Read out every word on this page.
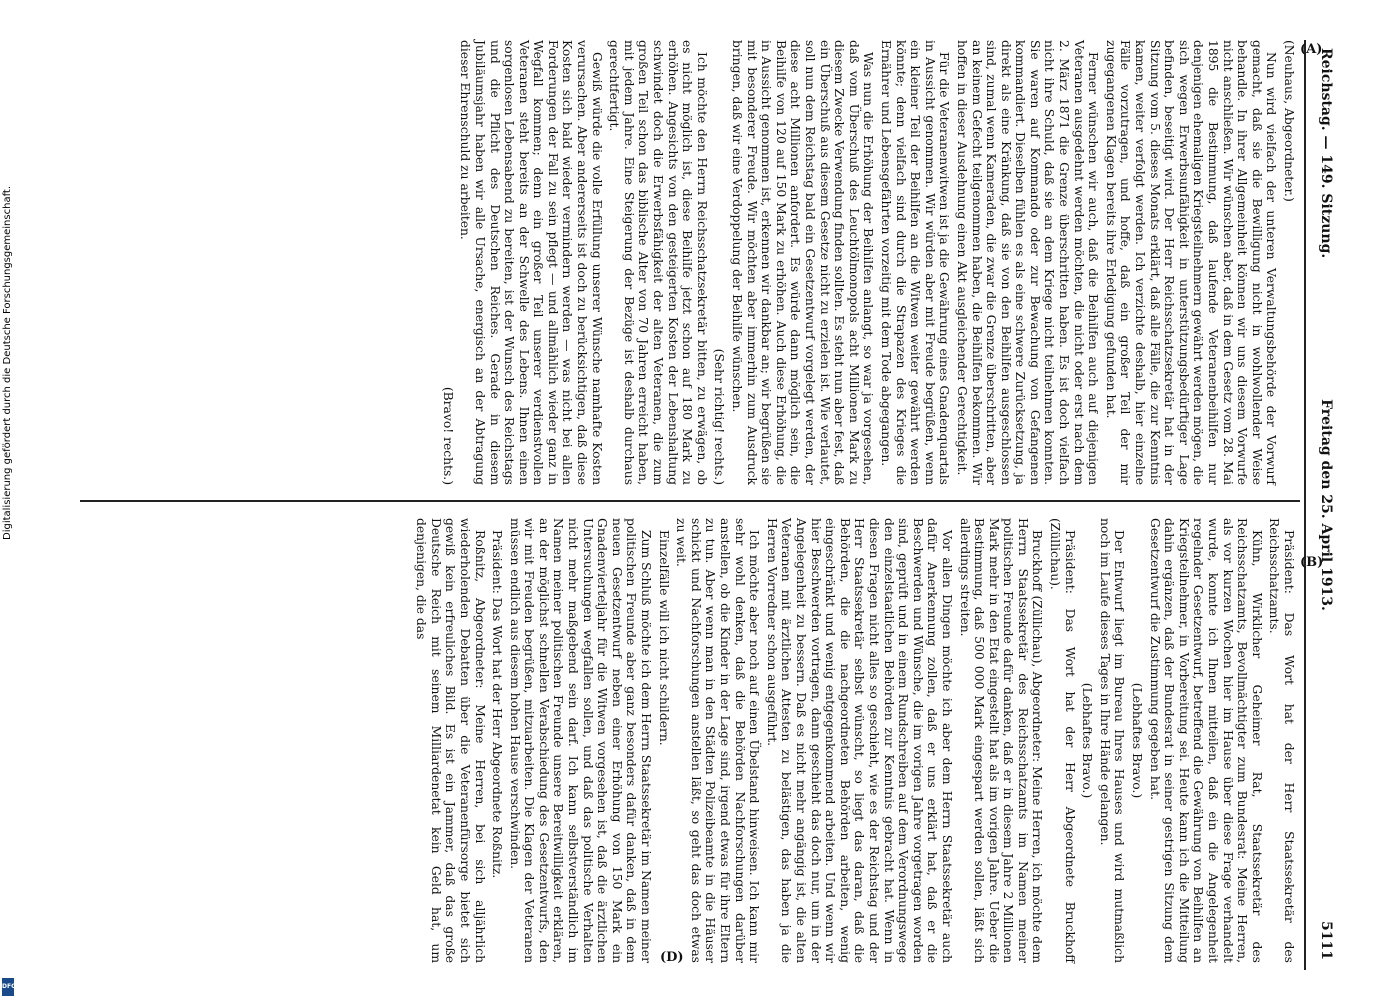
Reichstag. — 149. Sitzung.
Freitag den 25. April 1913.
5111

(Neuhaus, Abgeordneter.)

Nun wird vielfach der unteren Verwaltungsbehörde der Vorwurf gemacht, daß sie die Bewilligung nicht in wohlwollender Weise behandle. In ihrer Allgemeinheit können wir uns diesem Vorwurfe nicht anschließen. Wir wünschen aber, daß in dem Gesetz vom 28. Mai 1895 die Bestimmung, daß laufende Veteranenbeihilfen nur denjenigen ehemaligen Kriegsteilnehmern gewährt werden mögen, die sich wegen Erwerbsunfähigkeit in unterstützungsbedürftiger Lage befinden, beseitigt wird. Der Herr Reichsschatzsekretär hat in der Sitzung vom 5. dieses Monats erklärt, daß alle Fälle, die zur Kenntnis kamen, weiter verfolgt werden. Ich verzichte deshalb, hier einzelne Fälle vorzutragen, und hoffe, daß ein großer Teil der mir zugegangenen Klagen bereits ihre Erledigung gefunden hat.

Ferner wünschen wir auch, daß die Beihilfen auch auf diejenigen Veteranen ausgedehnt werden möchten, die nicht oder erst nach dem 2. März 1871 die Grenze überschritten haben. Es ist doch vielfach nicht ihre Schuld, daß sie an dem Kriege nicht teilnehmen konnten. Sie waren auf Kommando oder zur Bewachung von Gefangenen kommandiert. Dieselben fühlen es als eine schwere Zurücksetzung, ja direkt als eine Kränkung, daß sie von den Beihilfen ausgeschlossen sind, zumal wenn Kameraden, die zwar die Grenze überschritten, aber an keinem Gefecht teilgenommen haben, die Beihilfen bekommen. Wir hoffen in dieser Ausdehnung einen Akt ausgleichender Gerechtigkeit.

Für die Veteranenwitwen ist ja die Gewährung eines Gnadenquartals in Aussicht genommen. Wir würden aber mit Freude begrüßen, wenn ein kleiner Teil der Beihilfen an die Witwen weiter gewährt werden könnte; denn vielfach sind durch die Strapazen des Krieges die Ernährer und Lebensgefährten vorzeitig mit dem Tode abgegangen.

Was nun die Erhöhung der Beihilfen anlangt, so war ja vorgesehen, daß vom Überschuß des Leuchtölmonopols acht Millionen Mark zu diesem Zwecke Verwendung finden sollten. Es steht nun aber fest, daß ein Überschuß aus diesem Gesetze nicht zu erzielen ist. Wie verlautet, soll nun dem Reichstag bald ein Gesetzentwurf vorgelegt werden, der diese acht Millionen anfordert. Es würde dann möglich sein, die Beihilfe von 120 auf 150 Mark zu erhöhen. Auch diese Erhöhung, die in Aussicht genommen ist, erkennen wir dankbar an; wir begrüßen sie mit besonderer Freude. Wir möchten aber immerhin zum Ausdruck bringen, daß wir eine Verdoppelung der Beihilfe wünschen.

(Sehr richtig! rechts.)

Ich möchte den Herrn Reichsschatzsekretär bitten, zu erwägen, ob es nicht möglich ist, diese Beihilfe jetzt schon auf 180 Mark zu erhöhen. Angesichts von den gesteigerten Kosten der Lebenshaltung schwindet doch die Erwerbsfähigkeit der alten Veteranen, die zum großen Teil schon das biblische Alter von 70 Jahren erreicht haben, mit jedem Jahre. Eine Steigerung der Bezüge ist deshalb durchaus gerechtfertigt.

Gewiß würde die volle Erfüllung unserer Wünsche namhafte Kosten verursachen. Aber andererseits ist doch zu berücksichtigen, daß diese Kosten sich bald wieder vermindern werden — was nicht bei allen Forderungen der Fall zu sein pflegt — und allmählich wieder ganz in Wegfall kommen; denn ein großer Teil unserer verdienstvollen Veteranen steht bereits an der Schwelle des Lebens. Ihnen einen sorgenlosen Lebensabend zu bereiten, ist der Wunsch des Reichstags und die Pflicht des Deutschen Reiches. Gerade in diesem Jubiläumsjahr haben wir alle Ursache, energisch an der Abtragung dieser Ehrenschuld zu arbeiten.

(Bravo! rechts.)

Präsident: Das Wort hat der Herr Staatssekretär des Reichsschatzamts.

Kühn, Wirklicher Geheimer Rat, Staatssekretär des Reichsschatzamts, Bevollmächtigter zum Bundesrat: Meine Herren, als vor kurzen Wochen hier im Hause über diese Frage verhandelt wurde, konnte ich Ihnen mitteilen, daß ein die Angelegenheit regelnder Gesetzentwurf, betreffend die Gewährung von Beihilfen an Kriegsteilnehmer, in Vorbereitung sei. Heute kann ich die Mitteilung dahin ergänzen, daß der Bundesrat in seiner gestrigen Sitzung dem Gesetzentwurf die Zustimmung gegeben hat.

(Lebhaftes Bravo.)

Der Entwurf liegt im Bureau Ihres Hauses und wird mutmaßlich noch im Laufe dieses Tages in Ihre Hände gelangen.

(Lebhaftes Bravo.)

Präsident: Das Wort hat der Herr Abgeordnete Bruckhoff (Züllichau).

Bruckhoff (Züllichau), Abgeordneter: Meine Herren, ich möchte dem Herrn Staatssekretär des Reichsschatzamts im Namen meiner politischen Freunde dafür danken, daß er in diesem Jahre 2 Millionen Mark mehr in den Etat eingestellt hat als im vorigen Jahre. Ueber die Bestimmung, daß 500 000 Mark eingespart werden sollen, läßt sich allerdings streiten.

Vor allen Dingen möchte ich aber dem Herrn Staatssekretär auch dafür Anerkennung zollen, daß er uns erklärt hat, daß er die Beschwerden und Wünsche, die im vorigen Jahre vorgetragen worden sind, geprüft und in einem Rundschreiben auf dem Verordnungswege den einzelstaatlichen Behörden zur Kenntnis gebracht hat. Wenn in diesen Fragen nicht alles so geschieht, wie es der Reichstag und der Herr Staatssekretär selbst wünscht, so liegt das daran, daß die Behörden, die die nachgeordneten Behörden arbeiten, wenig eingeschränkt und wenig entgegenkommend arbeiten. Und wenn wir hier Beschwerden vortragen, dann geschieht das doch nur, um in der Angelegenheit zu bessern. Daß es nicht mehr angängig ist, die alten Veteranen mit ärztlichen Attesten zu belästigen, das haben ja die Herren Vorredner schon ausgeführt.

Ich möchte aber noch auf einen Übelstand hinweisen. Ich kann mir sehr wohl denken, daß die Behörden Nachforschungen darüber anstellen, ob die Kinder in der Lage sind, irgend etwas für ihre Eltern zu tun. Aber wenn man in den Städten Polizeibeamte in die Häuser schickt und Nachforschungen anstellen läßt, so geht das doch etwas zu weit.

Einzelfälle will ich nicht schildern.

Zum Schluß möchte ich dem Herrn Staatssekretär im Namen meiner politischen Freunde aber ganz besonders dafür danken, daß in dem neuen Gesetzentwurf neben einer Erhöhung von 150 Mark ein Gnadenvierteljahr für die Witwen vorgesehen ist, daß die ärztlichen Untersuchungen wegfallen sollen, und daß das politische Verhalten nicht mehr maßgebend sein darf. Ich kann selbstverständlich im Namen meiner politischen Freunde unsere Bereitwilligkeit erklären, an der möglichst schnellen Verabschiedung des Gesetzentwurfs, den wir mit Freuden begrüßen, mitzuarbeiten. Die Klagen der Veteranen müssen endlich aus diesem hohen Hause verschwinden.

Präsident: Das Wort hat der Herr Abgeordnete Roßnitz.

Roßnitz, Abgeordneter: Meine Herren, bei sich alljährlich wiederholenden Debatten über die Veteranenfürsorge bietet sich gewiß kein erfreuliches Bild. Es ist ein Jammer, daß das große Deutsche Reich mit seinem Milliardenetat kein Geld hat, um denjenigen, die das

(A)
(B)
(D)
Digitalisierung gefördert durch die Deutsche Forschungsgemeinschaft.
DFG
